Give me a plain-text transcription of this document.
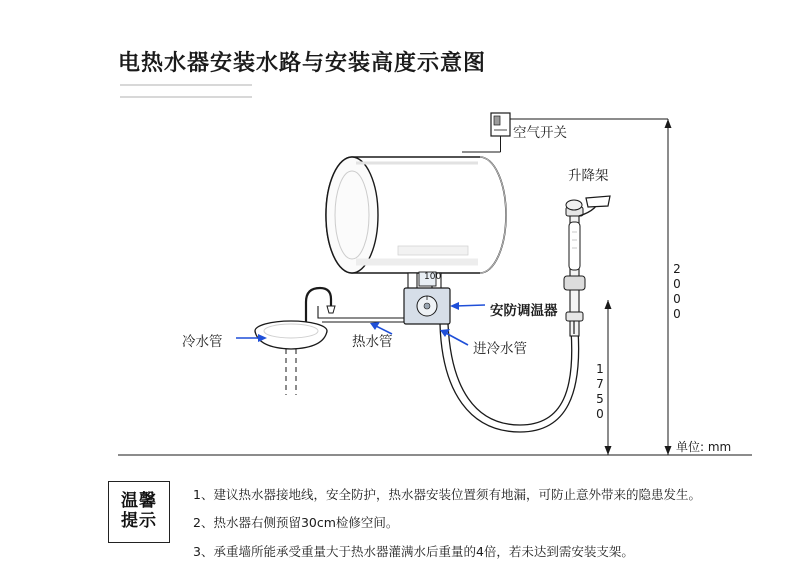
电热水器安装水路与安装高度示意图
空气开关
升降架
安防调温器
冷水管	热水管	进冷水管
100	2000
1750
单位: mm
温馨
提示
1、建议热水器接地线，安全防护，热水器安装位置须有地漏，可防止意外带来的隐患发生。
2、热水器右侧预留30cm检修空间。
3、承重墙所能承受重量大于热水器灌满水后重量的4倍，若未达到需安装支架。
